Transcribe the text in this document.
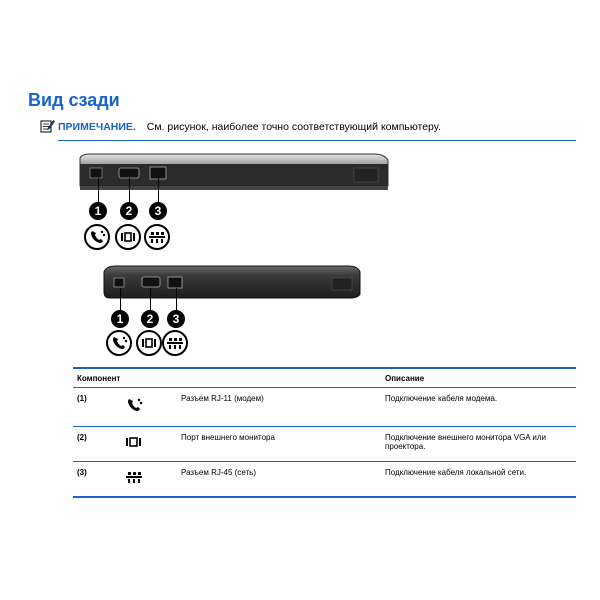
Вид сзади
ПРИМЕЧАНИЕ. См. рисунок, наиболее точно соответствующий компьютеру.
1	2	3
1	2	3
Компонент			Описание
(1)		Разъем RJ-11 (модем)	Подключение кабеля модема.
(2)		Порт внешнего монитора	Подключение внешнего монитора VGA или проектора.
(3)		Разъем RJ-45 (сеть)	Подключение кабеля локальной сети.
